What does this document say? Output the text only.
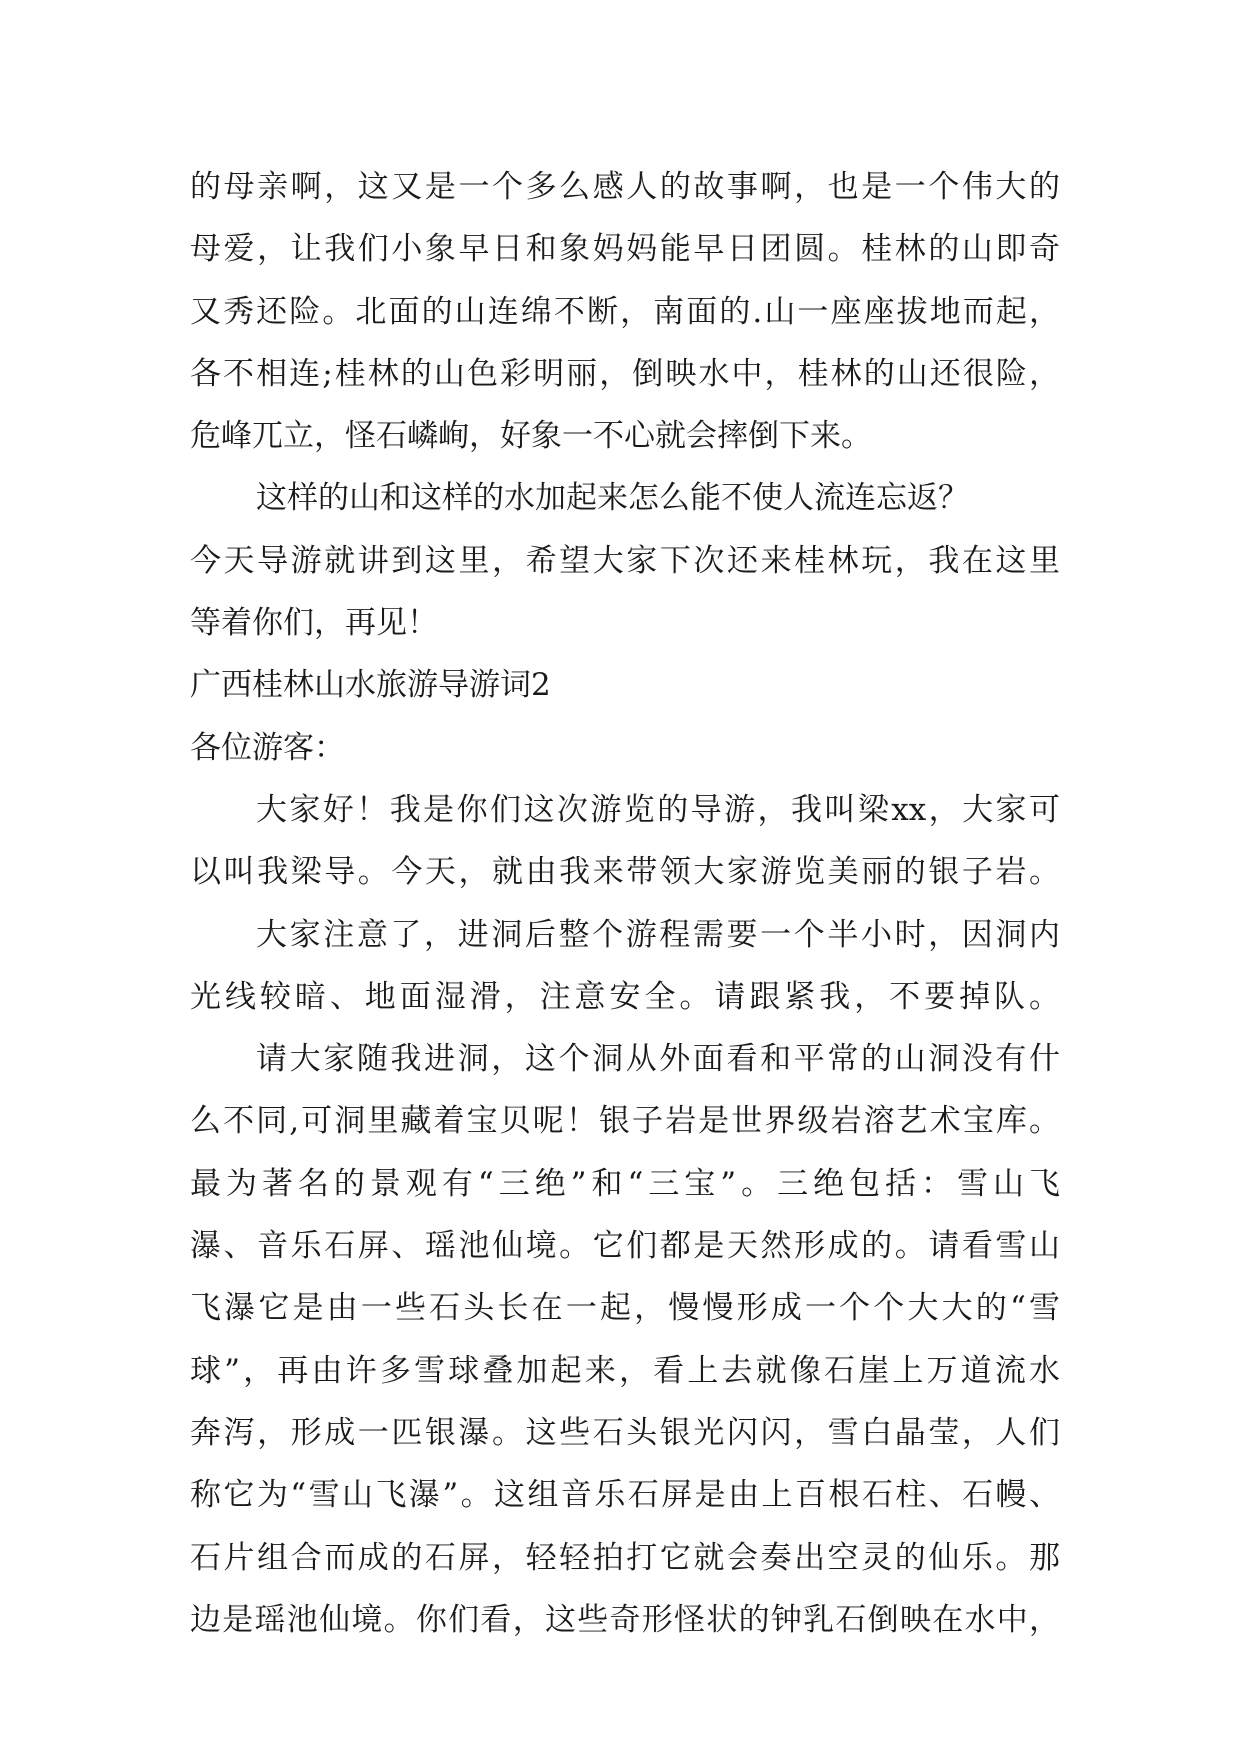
的母亲啊，这又是一个多么感人的故事啊，也是一个伟大的
母爱，让我们小象早日和象妈妈能早日团圆。桂林的山即奇
又秀还险。北面的山连绵不断，南面的.山一座座拔地而起，
各不相连;桂林的山色彩明丽，倒映水中，桂林的山还很险，
危峰兀立，怪石嶙峋，好象一不心就会摔倒下来。
这样的山和这样的水加起来怎么能不使人流连忘返？
今天导游就讲到这里，希望大家下次还来桂林玩，我在这里
等着你们，再见！
广西桂林山水旅游导游词2
各位游客：
大家好！我是你们这次游览的导游，我叫梁xx，大家可
以叫我梁导。今天，就由我来带领大家游览美丽的银子岩。
大家注意了，进洞后整个游程需要一个半小时，因洞内
光线较暗、地面湿滑，注意安全。请跟紧我，不要掉队。
请大家随我进洞，这个洞从外面看和平常的山洞没有什
么不同,可洞里藏着宝贝呢！银子岩是世界级岩溶艺术宝库。
最为著名的景观有“三绝”和“三宝”。三绝包括：雪山飞
瀑、音乐石屏、瑶池仙境。它们都是天然形成的。请看雪山
飞瀑它是由一些石头长在一起，慢慢形成一个个大大的“雪
球”，再由许多雪球叠加起来，看上去就像石崖上万道流水
奔泻，形成一匹银瀑。这些石头银光闪闪，雪白晶莹，人们
称它为“雪山飞瀑”。这组音乐石屏是由上百根石柱、石幔、
石片组合而成的石屏，轻轻拍打它就会奏出空灵的仙乐。那
边是瑶池仙境。你们看，这些奇形怪状的钟乳石倒映在水中，
